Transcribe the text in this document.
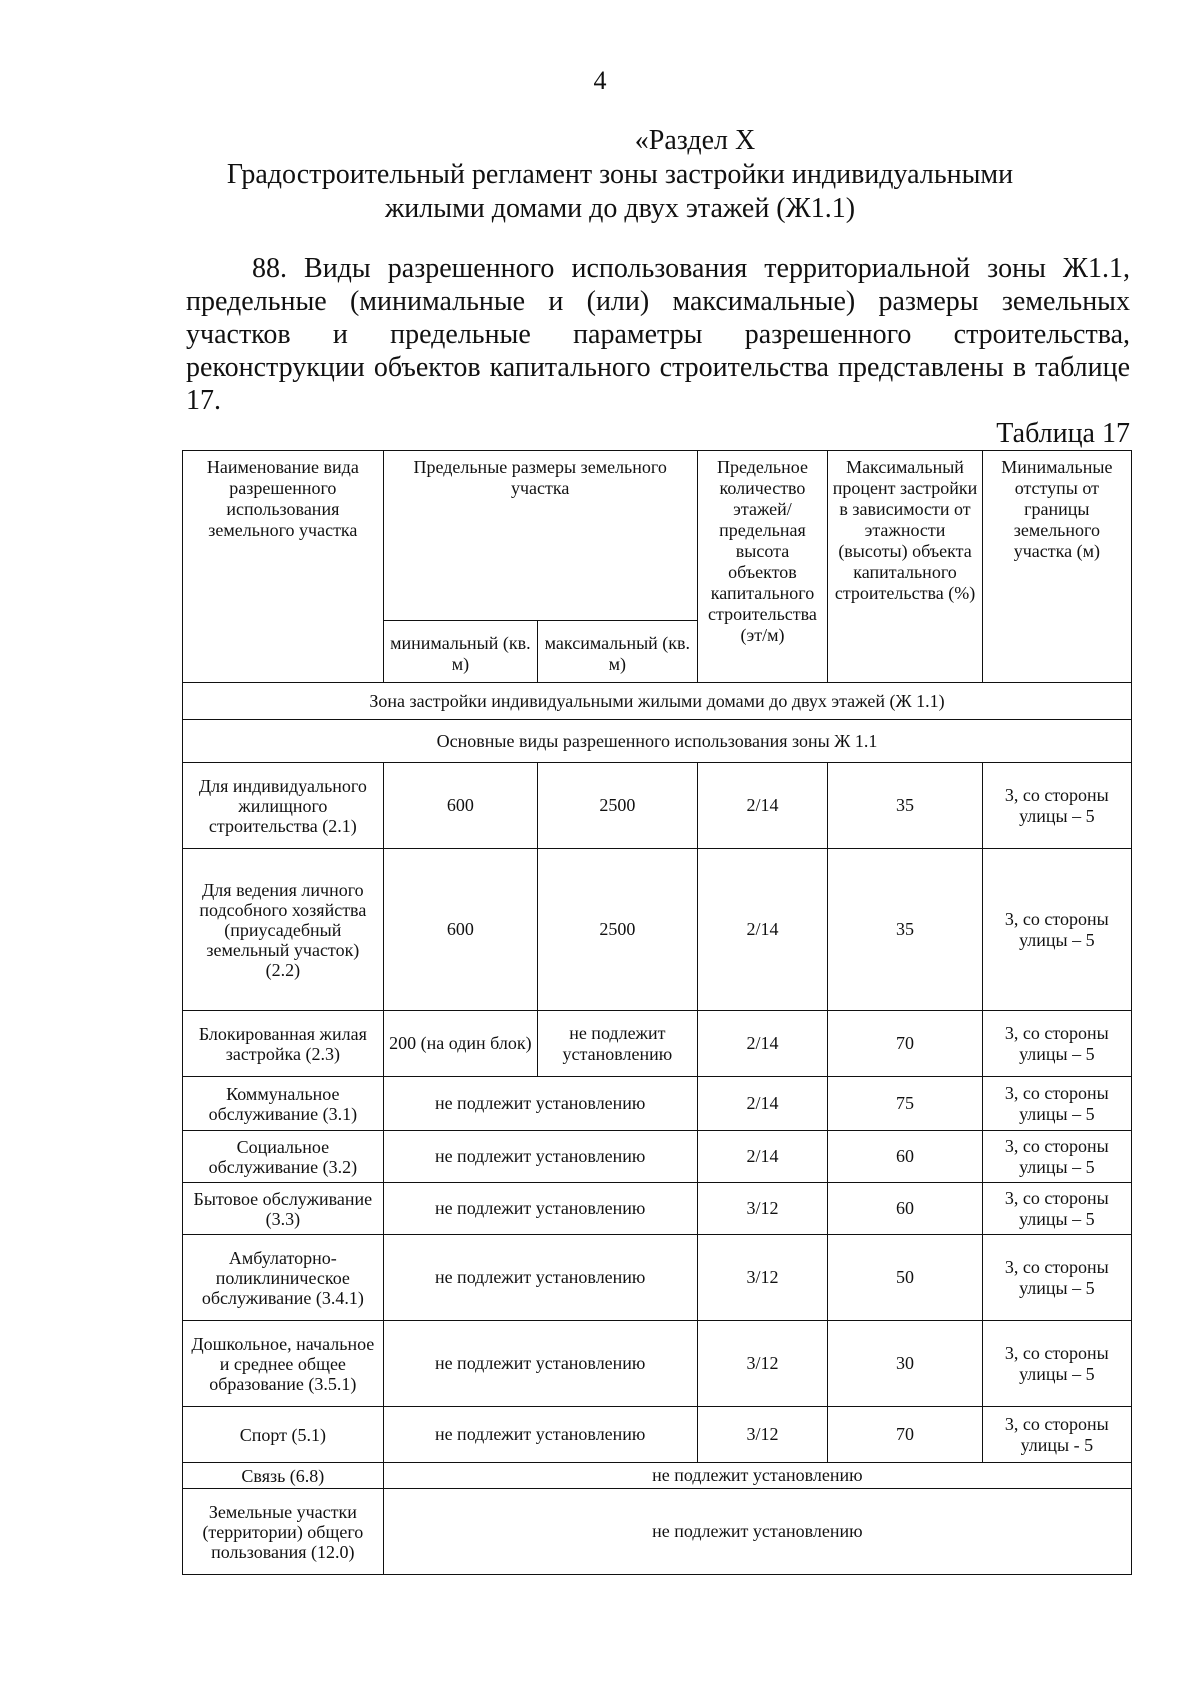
4
«Раздел X
Градостроительный регламент зоны застройки индивидуальными жилыми домами до двух этажей (Ж1.1)
88. Виды разрешенного использования территориальной зоны Ж1.1, предельные (минимальные и (или) максимальные) размеры земельных участков и предельные параметры разрешенного строительства, реконструкции объектов капитального строительства представлены в таблице 17.
Таблица 17
Наименование вида разрешенного использования земельного участка	Предельные размеры земельного участка		Предельное количество этажей/ предельная высота объектов капитального строительства (эт/м)	Максимальный процент застройки в зависимости от этажности (высоты) объекта капитального строительства (%)	Минимальные отступы от границы земельного участка (м)
	минимальный (кв. м)	максимальный (кв. м)			
Зона застройки индивидуальными жилыми домами до двух этажей (Ж 1.1)					
Основные виды разрешенного использования зоны Ж 1.1					
Для индивидуального жилищного строительства (2.1)	600	2500	2/14	35	3, со стороны улицы – 5
Для ведения личного подсобного хозяйства (приусадебный земельный участок) (2.2)	600	2500	2/14	35	3, со стороны улицы – 5
Блокированная жилая застройка (2.3)	200 (на один блок)	не подлежит установлению	2/14	70	3, со стороны улицы – 5
Коммунальное обслуживание (3.1)	не подлежит установлению		2/14	75	3, со стороны улицы – 5
Социальное обслуживание (3.2)	не подлежит установлению		2/14	60	3, со стороны улицы – 5
Бытовое обслуживание (3.3)	не подлежит установлению		3/12	60	3, со стороны улицы – 5
Амбулаторно-поликлиническое обслуживание (3.4.1)	не подлежит установлению		3/12	50	3, со стороны улицы – 5
Дошкольное, начальное и среднее общее образование (3.5.1)	не подлежит установлению		3/12	30	3, со стороны улицы – 5
Спорт (5.1)	не подлежит установлению		3/12	70	3, со стороны улицы - 5
Связь (6.8)	не подлежит установлению				
Земельные участки (территории) общего пользования (12.0)	не подлежит установлению				
